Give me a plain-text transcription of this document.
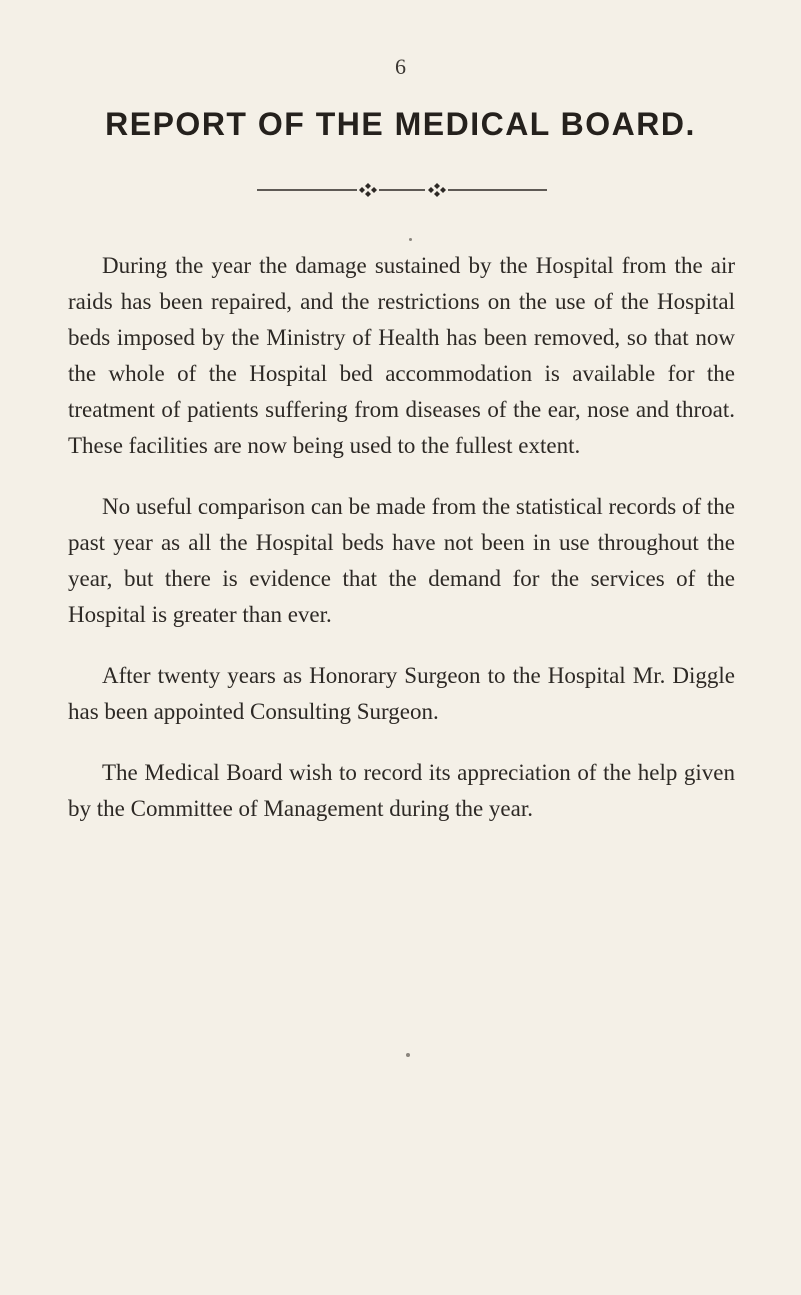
6
REPORT OF THE MEDICAL BOARD.

During the year the damage sustained by the Hospital from the air raids has been repaired, and the restrictions on the use of the Hospital beds imposed by the Ministry of Health has been removed, so that now the whole of the Hospital bed accommodation is available for the treatment of patients suffering from diseases of the ear, nose and throat. These facilities are now being used to the fullest extent.

No useful comparison can be made from the statistical records of the past year as all the Hospital beds have not been in use throughout the year, but there is evidence that the demand for the services of the Hospital is greater than ever.

After twenty years as Honorary Surgeon to the Hospital Mr. Diggle has been appointed Consulting Surgeon.

The Medical Board wish to record its appreciation of the help given by the Committee of Management during the year.
